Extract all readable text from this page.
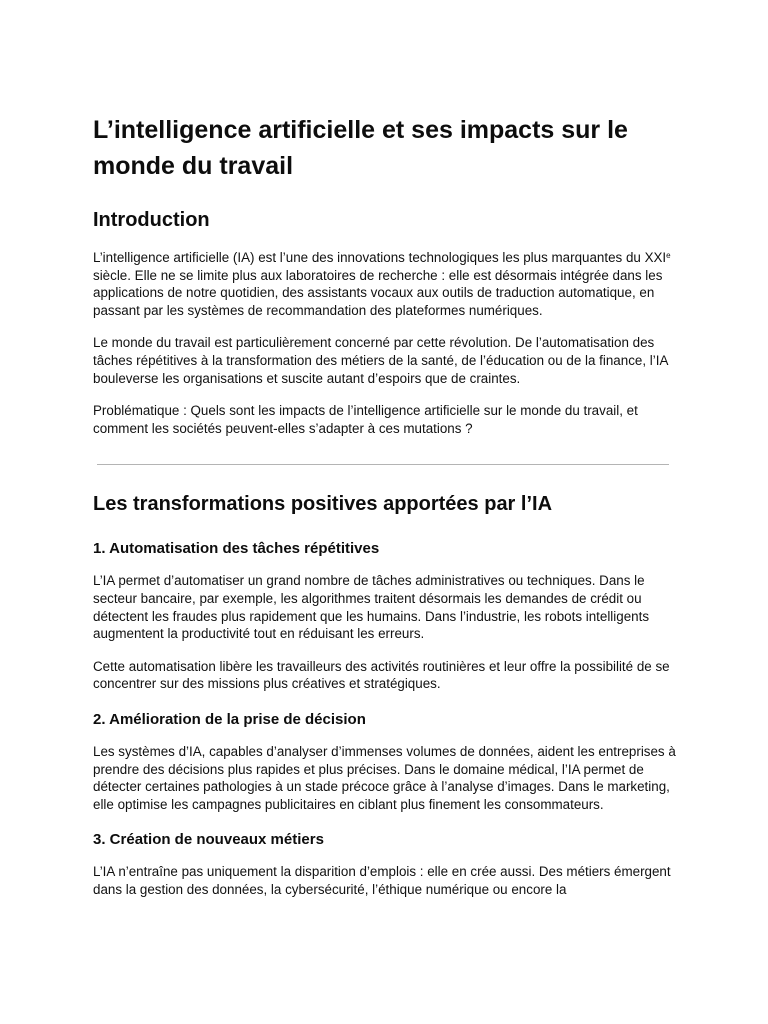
L’intelligence artificielle et ses impacts sur le monde du travail
Introduction

L’intelligence artificielle (IA) est l’une des innovations technologiques les plus marquantes du XXIe siècle. Elle ne se limite plus aux laboratoires de recherche : elle est désormais intégrée dans les applications de notre quotidien, des assistants vocaux aux outils de traduction automatique, en passant par les systèmes de recommandation des plateformes numériques.

Le monde du travail est particulièrement concerné par cette révolution. De l’automatisation des tâches répétitives à la transformation des métiers de la santé, de l’éducation ou de la finance, l’IA bouleverse les organisations et suscite autant d’espoirs que de craintes.

Problématique : Quels sont les impacts de l’intelligence artificielle sur le monde du travail, et comment les sociétés peuvent-elles s’adapter à ces mutations ?

Les transformations positives apportées par l’IA
1. Automatisation des tâches répétitives

L’IA permet d’automatiser un grand nombre de tâches administratives ou techniques. Dans le secteur bancaire, par exemple, les algorithmes traitent désormais les demandes de crédit ou détectent les fraudes plus rapidement que les humains. Dans l’industrie, les robots intelligents augmentent la productivité tout en réduisant les erreurs.

Cette automatisation libère les travailleurs des activités routinières et leur offre la possibilité de se concentrer sur des missions plus créatives et stratégiques.

2. Amélioration de la prise de décision

Les systèmes d’IA, capables d’analyser d’immenses volumes de données, aident les entreprises à prendre des décisions plus rapides et plus précises. Dans le domaine médical, l’IA permet de détecter certaines pathologies à un stade précoce grâce à l’analyse d’images. Dans le marketing, elle optimise les campagnes publicitaires en ciblant plus finement les consommateurs.

3. Création de nouveaux métiers

L’IA n’entraîne pas uniquement la disparition d’emplois : elle en crée aussi. Des métiers émergent dans la gestion des données, la cybersécurité, l’éthique numérique ou encore la
